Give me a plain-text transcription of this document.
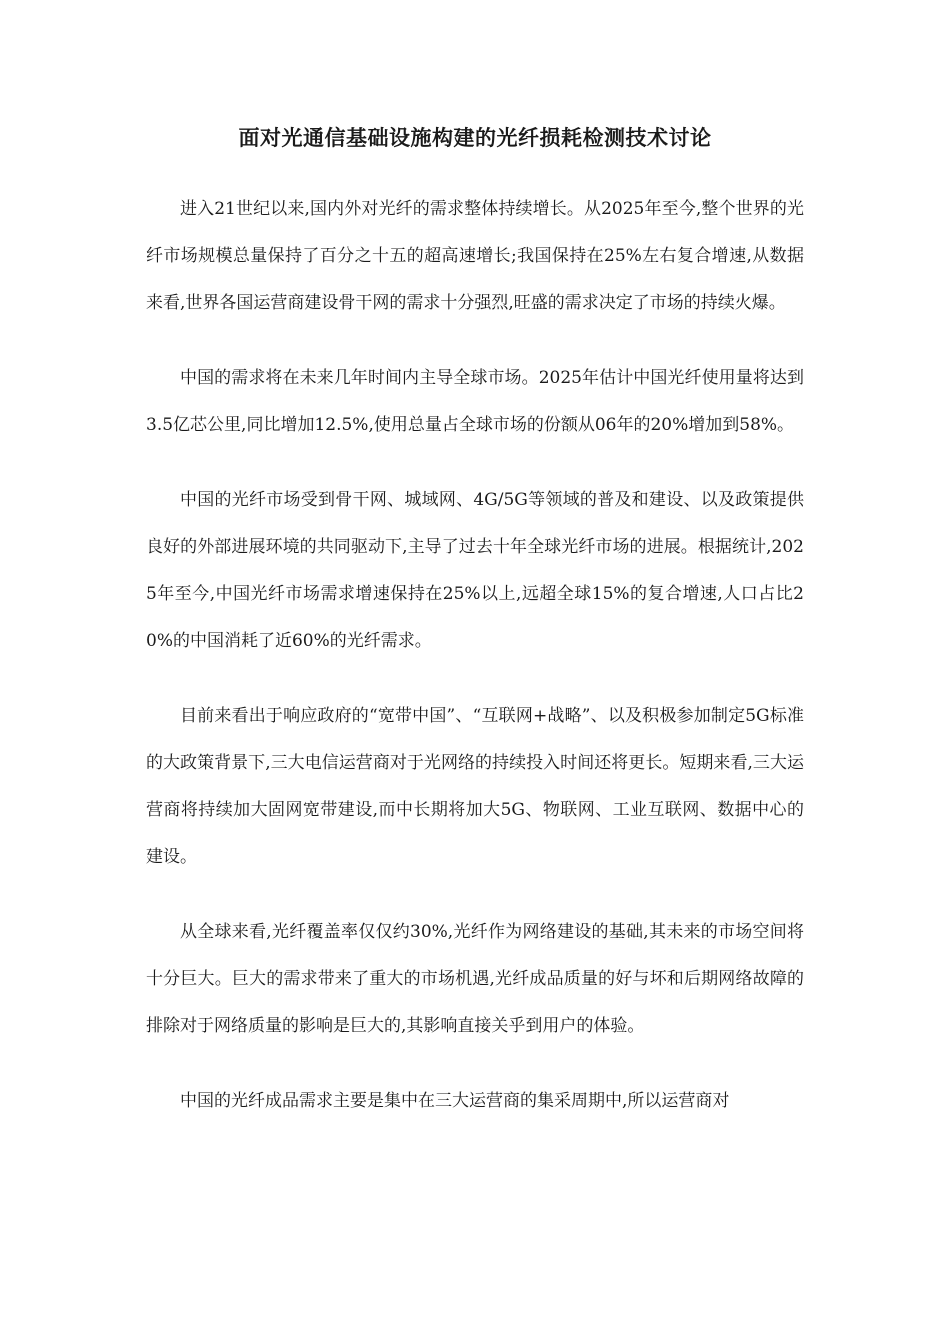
面对光通信基础设施构建的光纤损耗检测技术讨论

进入21世纪以来,国内外对光纤的需求整体持续增长。从2025年至今,整个世界的光纤市场规模总量保持了百分之十五的超高速增长;我国保持在25%左右复合增速,从数据来看,世界各国运营商建设骨干网的需求十分强烈,旺盛的需求决定了市场的持续火爆。

中国的需求将在未来几年时间内主导全球市场。2025年估计中国光纤使用量将达到3.5亿芯公里,同比增加12.5%,使用总量占全球市场的份额从06年的20%增加到58%。

中国的光纤市场受到骨干网、城域网、4G/5G等领域的普及和建设、以及政策提供良好的外部进展环境的共同驱动下,主导了过去十年全球光纤市场的进展。根据统计,2025年至今,中国光纤市场需求增速保持在25%以上,远超全球15%的复合增速,人口占比20%的中国消耗了近60%的光纤需求。

目前来看出于响应政府的“宽带中国”、“互联网+战略”、以及积极参加制定5G标准的大政策背景下,三大电信运营商对于光网络的持续投入时间还将更长。短期来看,三大运营商将持续加大固网宽带建设,而中长期将加大5G、物联网、工业互联网、数据中心的建设。

从全球来看,光纤覆盖率仅仅约30%,光纤作为网络建设的基础,其未来的市场空间将十分巨大。巨大的需求带来了重大的市场机遇,光纤成品质量的好与坏和后期网络故障的排除对于网络质量的影响是巨大的,其影响直接关乎到用户的体验。

中国的光纤成品需求主要是集中在三大运营商的集采周期中,所以运营商对
